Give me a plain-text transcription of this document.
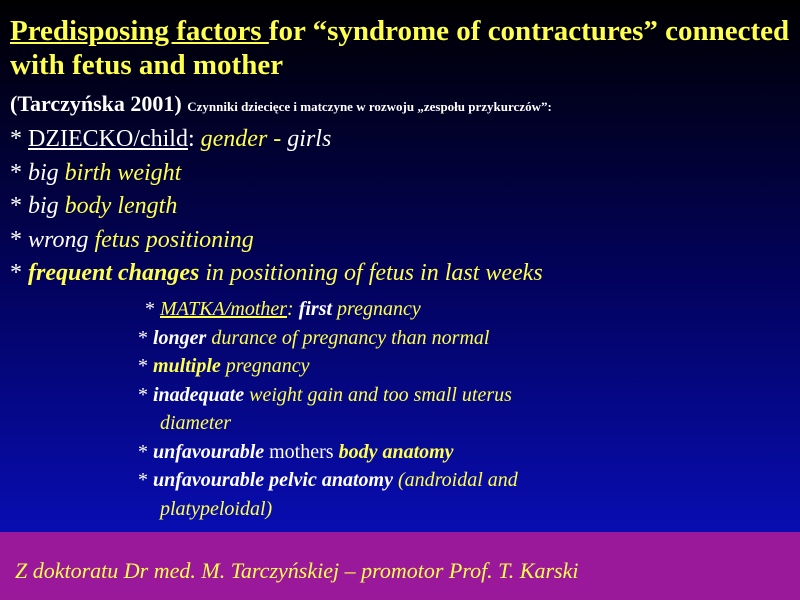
Predisposing factors for “syndrome of contractures” connected with fetus and mother
(Tarczyńska 2001) Czynniki dziecięce i matczyne w rozwoju „zespołu przykurczów”:
* DZIECKO/child: gender - girls
* big birth weight
* big body length
* wrong fetus positioning
* frequent changes in positioning of fetus in last weeks
* MATKA/mother: first pregnancy
* longer durance of pregnancy than normal
* multiple pregnancy
* inadequate weight gain and too small uterus
diameter
* unfavourable mothers body anatomy
* unfavourable pelvic anatomy (androidal and
platypeloidal)
Z doktoratu Dr med. M. Tarczyńskiej – promotor Prof. T. Karski
